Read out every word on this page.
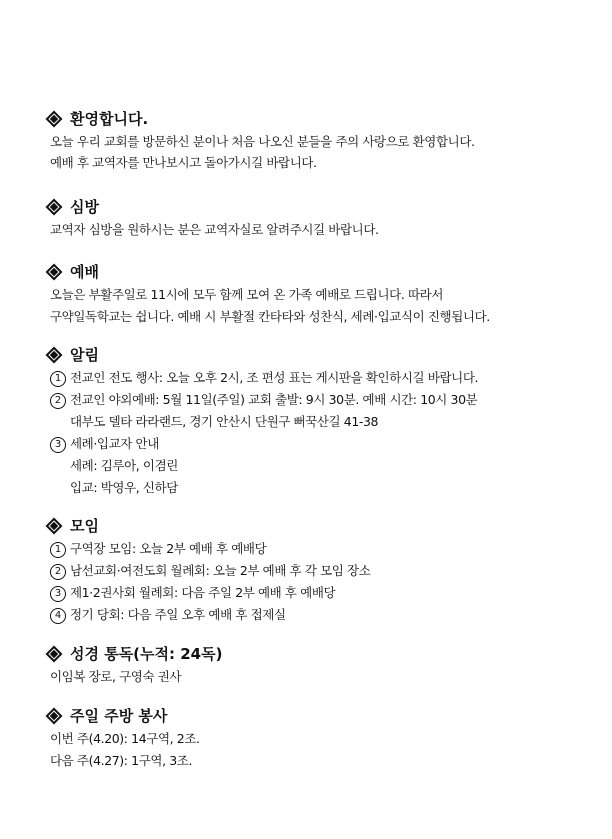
환영합니다.
오늘 우리 교회를 방문하신 분이나 처음 나오신 분들을 주의 사랑으로 환영합니다.
예배 후 교역자를 만나보시고 돌아가시길 바랍니다.
심방
교역자 심방을 원하시는 분은 교역자실로 알려주시길 바랍니다.
예배
오늘은 부활주일로 11시에 모두 함께 모여 온 가족 예배로 드립니다. 따라서
구약일독학교는 쉽니다. 예배 시 부활절 칸타타와 성찬식, 세례·입교식이 진행됩니다.
알림
1 전교인 전도 행사: 오늘 오후 2시, 조 편성 표는 게시판을 확인하시길 바랍니다.
2 전교인 야외예배: 5월 11일(주일) 교회 출발: 9시 30분. 예배 시간: 10시 30분
대부도 델타 라라랜드, 경기 안산시 단원구 뻐꾹산길 41-38
3 세례·입교자 안내
세례: 김루아, 이겸린
입교: 박영우, 신하담
모임
1 구역장 모임: 오늘 2부 예배 후 예배당
2 남선교회·여전도회 월례회: 오늘 2부 예배 후 각 모임 장소
3 제1·2권사회 월례회: 다음 주일 2부 예배 후 예배당
4 정기 당회: 다음 주일 오후 예배 후 접제실
성경 통독(누적: 24독)
이임복 장로, 구영숙 권사
주일 주방 봉사
이번 주(4.20): 14구역, 2조.
다음 주(4.27): 1구역, 3조.
